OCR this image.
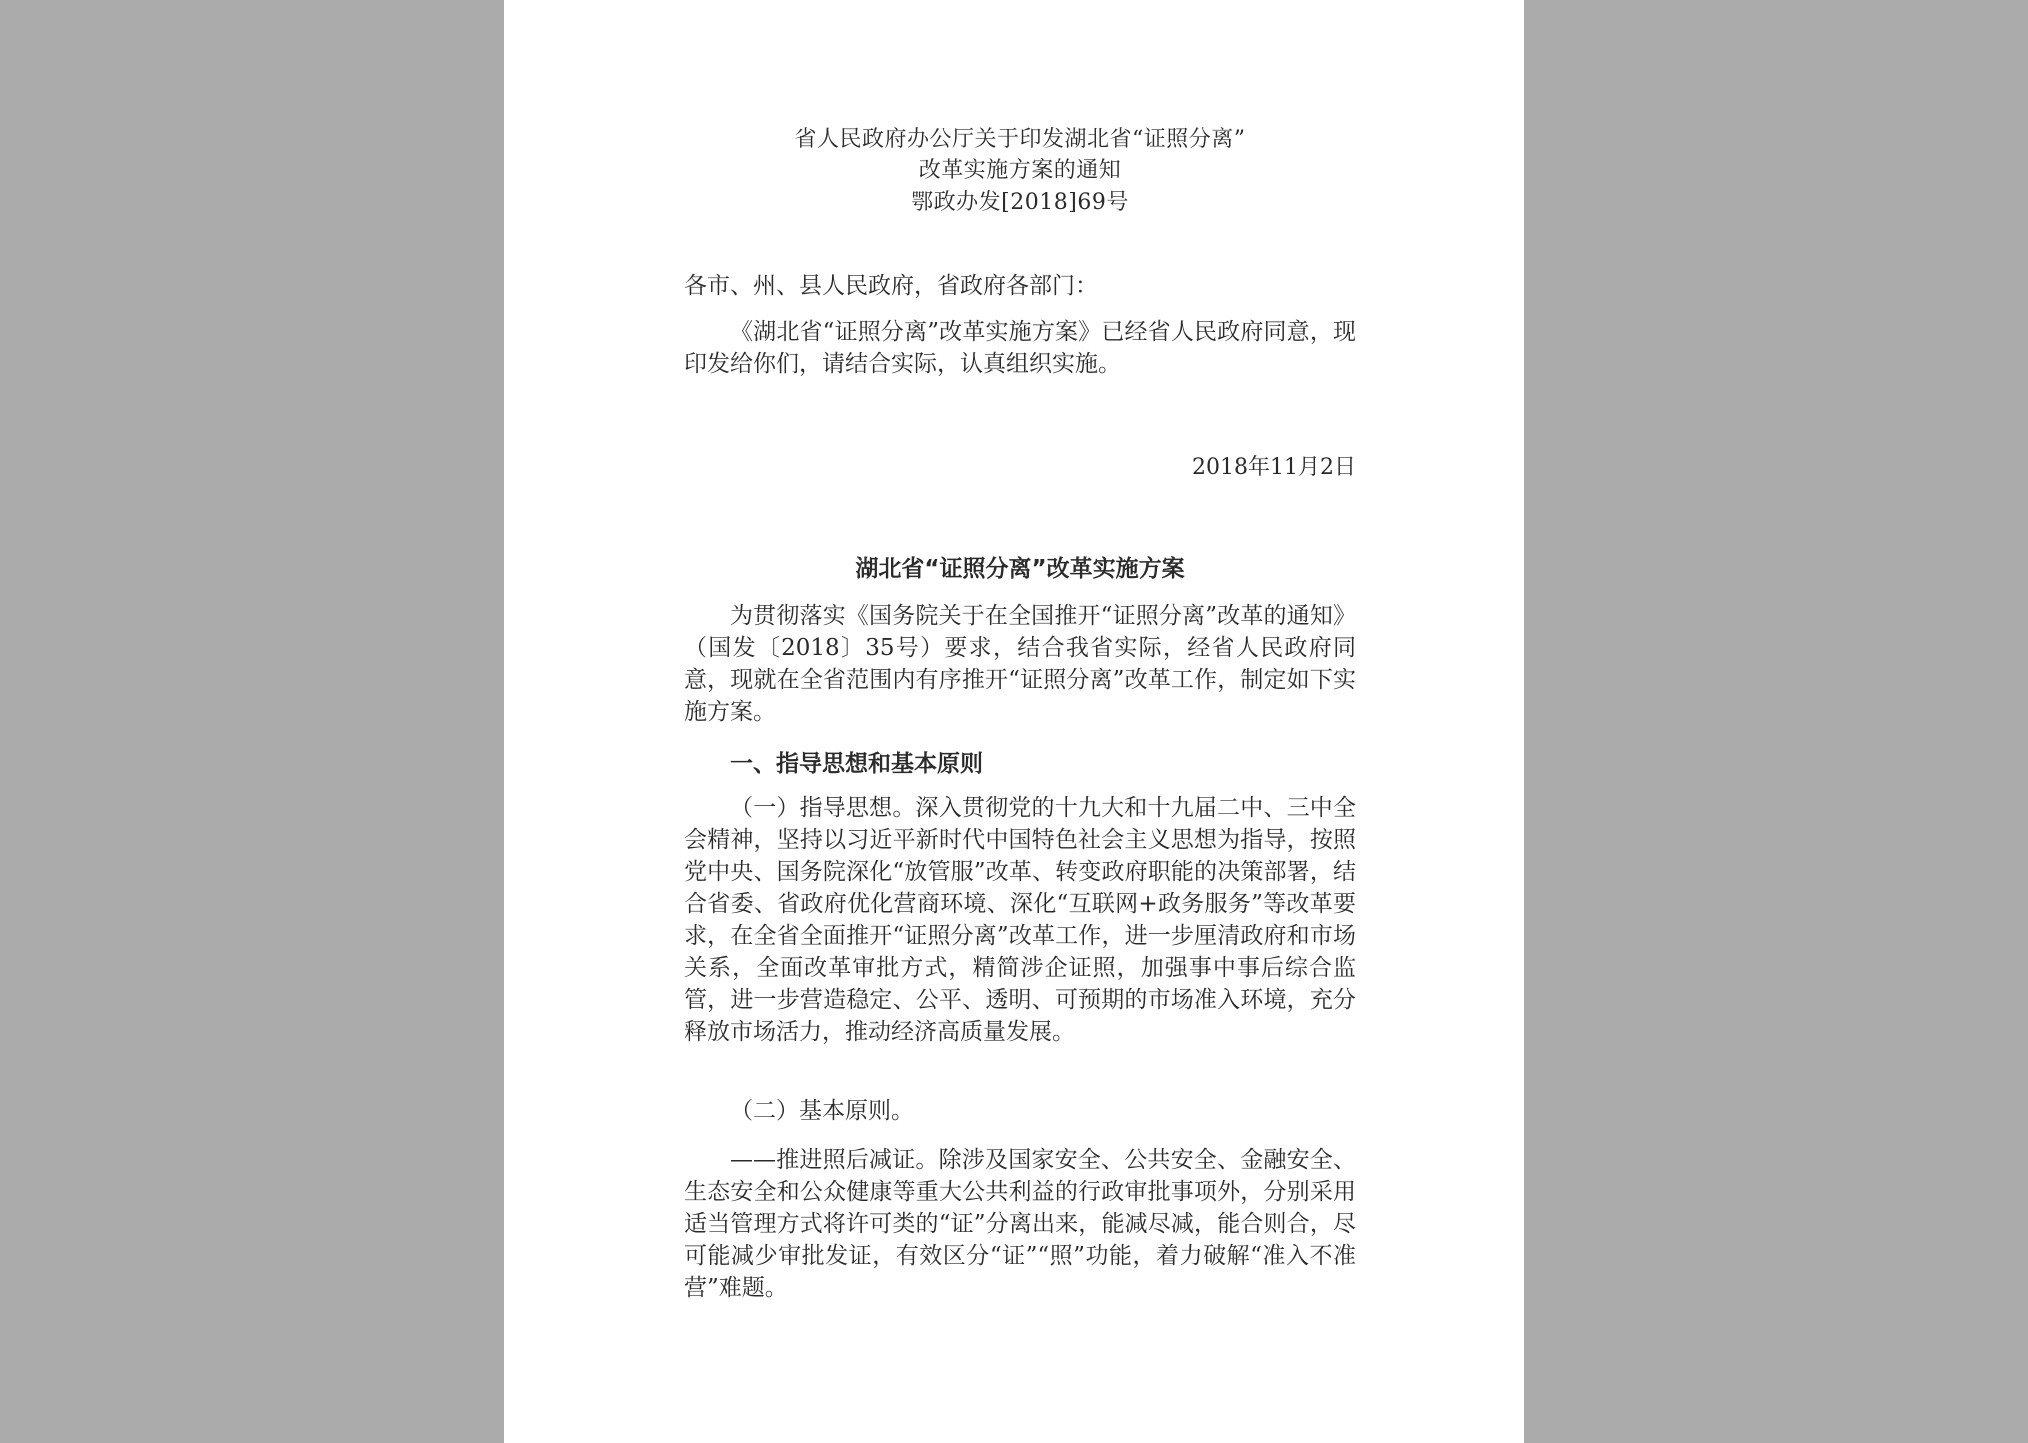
省人民政府办公厅关于印发湖北省“证照分离”
改革实施方案的通知
鄂政办发[2018]69号
各市、州、县人民政府，省政府各部门：
《湖北省“证照分离”改革实施方案》已经省人民政府同意，现印发给你们，请结合实际，认真组织实施。
2018年11月2日
湖北省“证照分离”改革实施方案
为贯彻落实《国务院关于在全国推开“证照分离”改革的通知》（国发〔2018〕35号）要求，结合我省实际，经省人民政府同意，现就在全省范围内有序推开“证照分离”改革工作，制定如下实施方案。
一、指导思想和基本原则
（一）指导思想。深入贯彻党的十九大和十九届二中、三中全会精神，坚持以习近平新时代中国特色社会主义思想为指导，按照党中央、国务院深化“放管服”改革、转变政府职能的决策部署，结合省委、省政府优化营商环境、深化“互联网+政务服务”等改革要求，在全省全面推开“证照分离”改革工作，进一步厘清政府和市场关系，全面改革审批方式，精简涉企证照，加强事中事后综合监管，进一步营造稳定、公平、透明、可预期的市场准入环境，充分释放市场活力，推动经济高质量发展。
（二）基本原则。
——推进照后减证。除涉及国家安全、公共安全、金融安全、生态安全和公众健康等重大公共利益的行政审批事项外，分别采用适当管理方式将许可类的“证”分离出来，能减尽减，能合则合，尽可能减少审批发证，有效区分“证”“照”功能，着力破解“准入不准营”难题。
